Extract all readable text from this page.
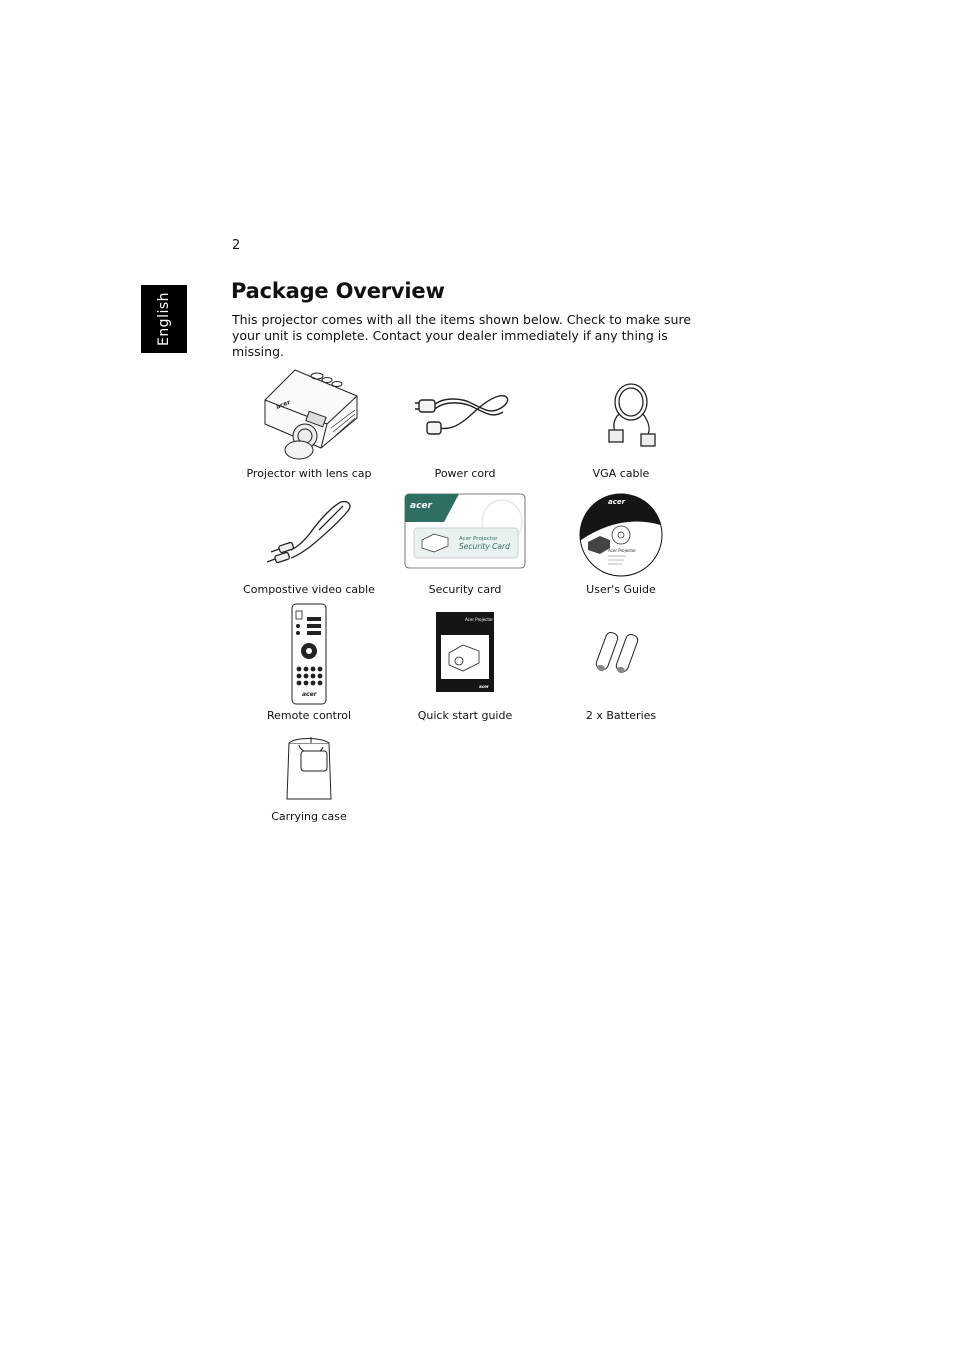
2
English
Package Overview

This projector comes with all the items shown below. Check to make sure your unit is complete. Contact your dealer immediately if any thing is missing.

acer
Projector with lens cap	Power cord	VGA cable
Compostive video cable
acer
Acer Projector
Security Card
Security card
acer
Acer Projector
User's Guide
acer
Remote control
Acer Projector
acer
Quick start guide	2 x Batteries
Carrying case
